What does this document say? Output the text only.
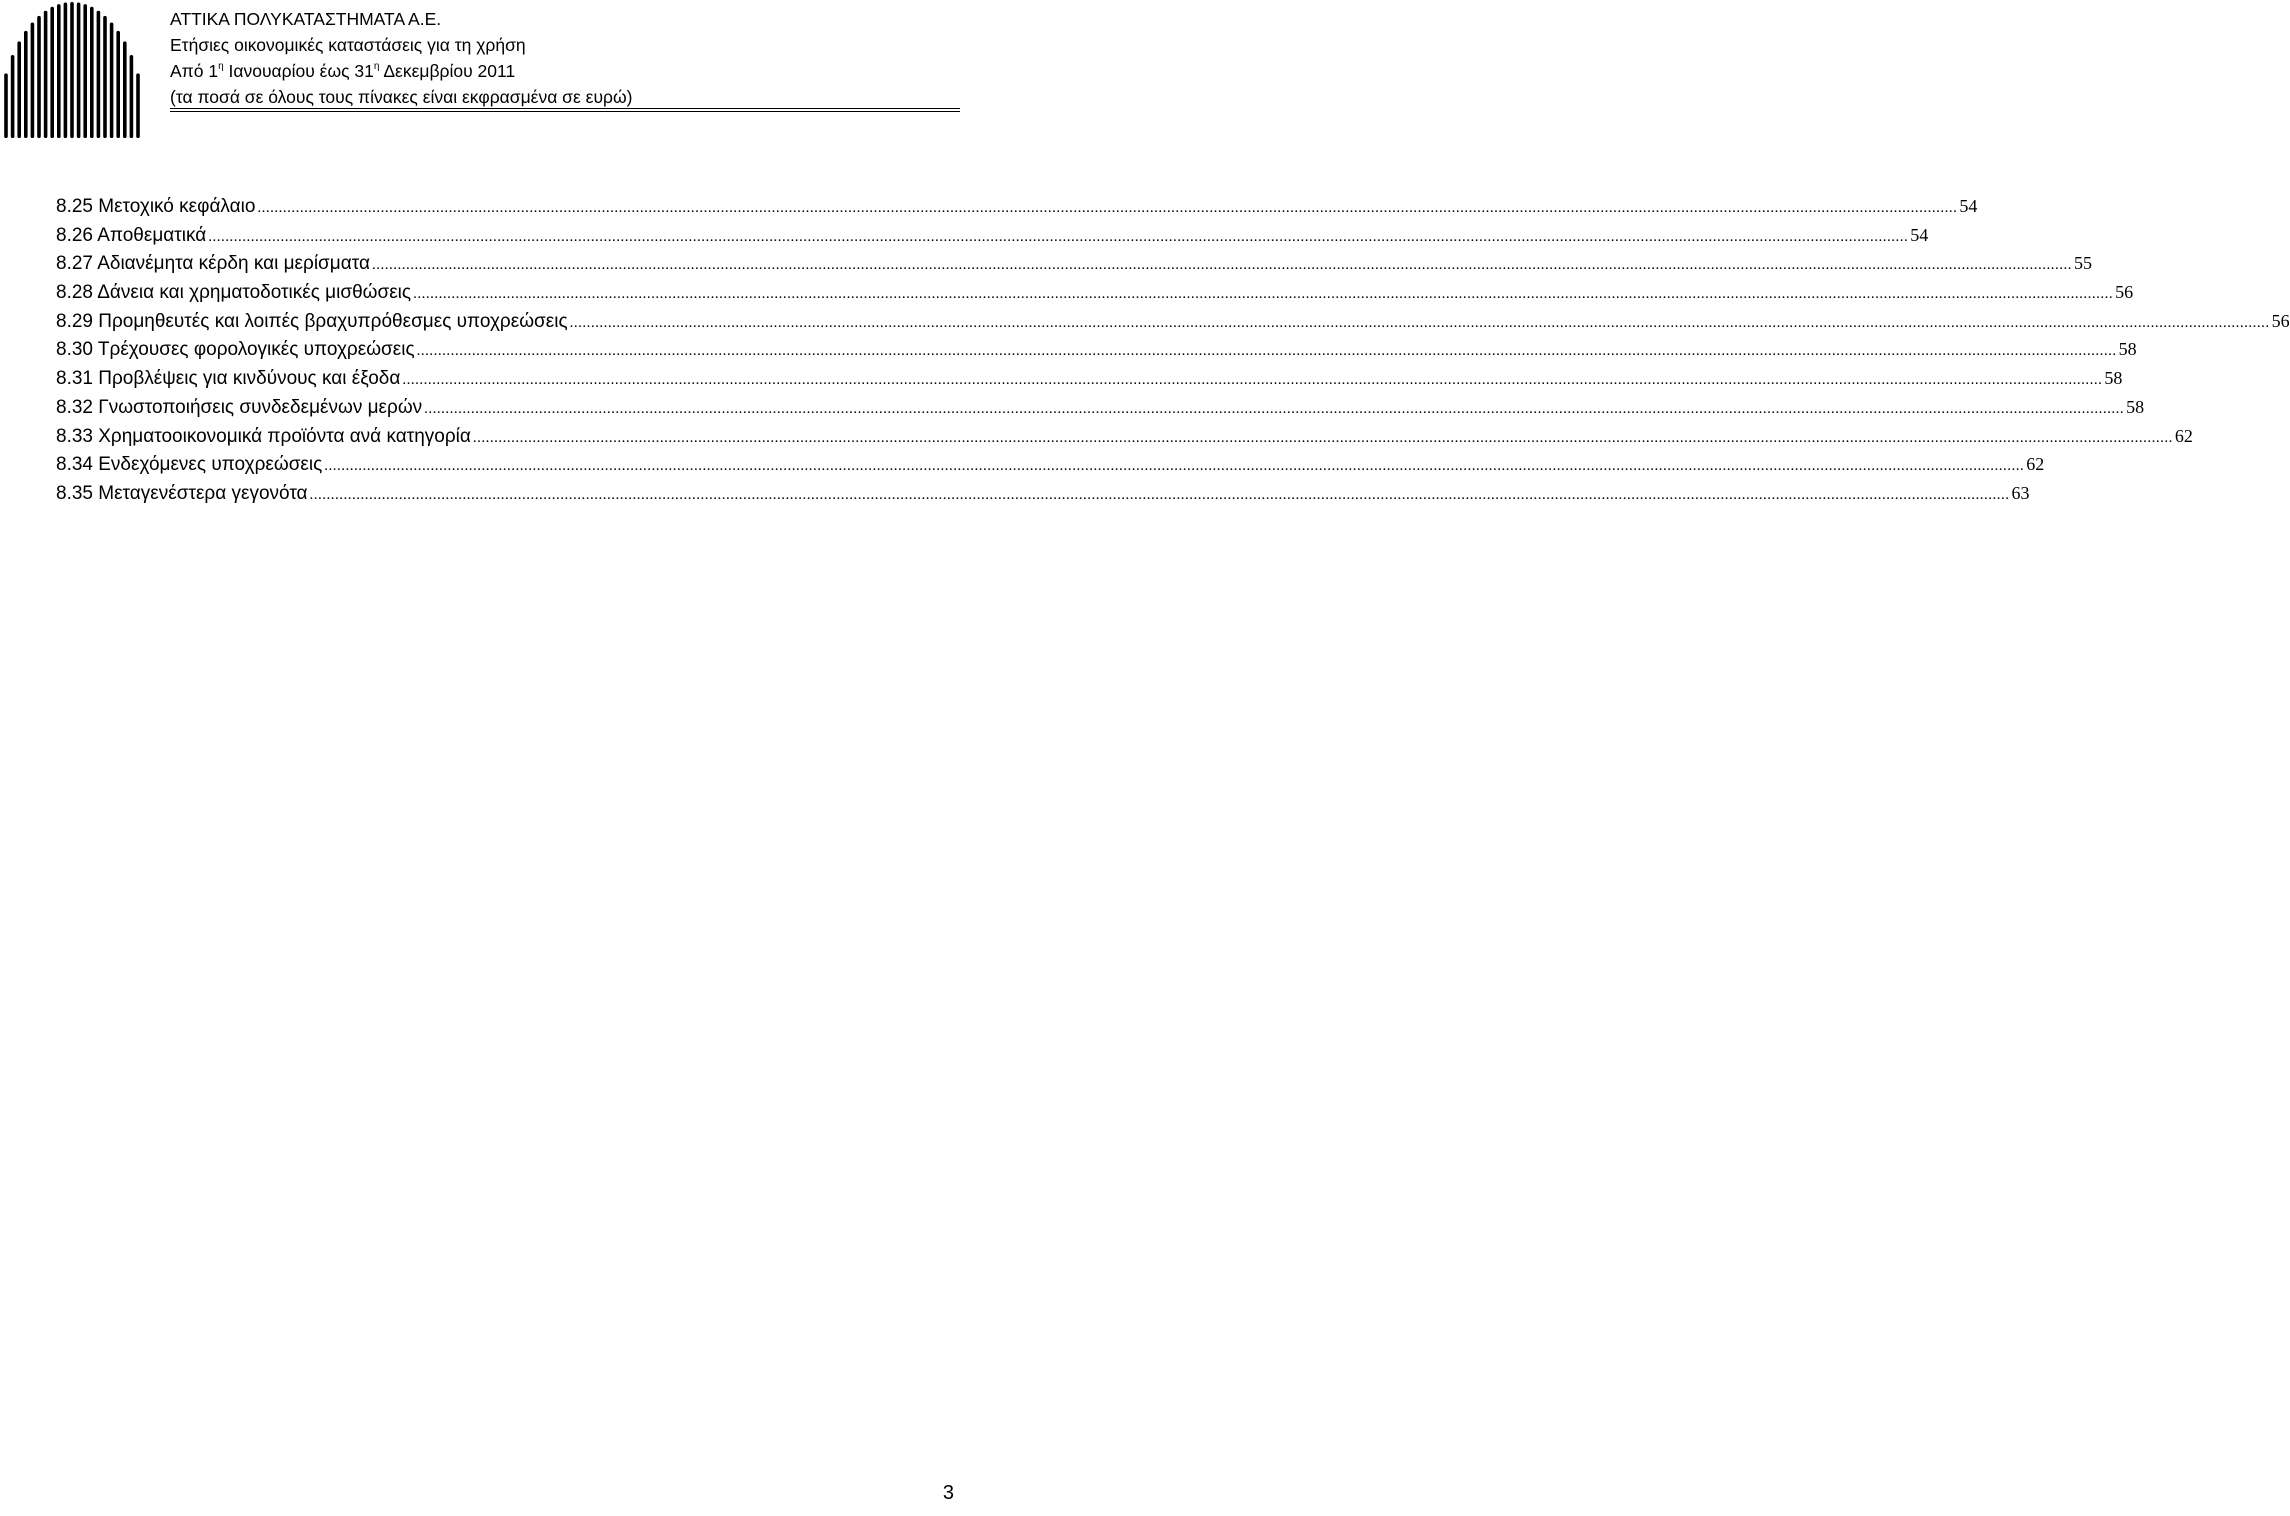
ΑΤΤΙΚΑ ΠΟΛΥΚΑΤΑΣΤΗΜΑΤΑ Α.Ε.
Ετήσιες οικονομικές καταστάσεις για τη χρήση
Από $1^\eta$ Ιανουαρίου έως $31^\eta$ Δεκεμβρίου 2011
(τα ποσά σε όλους τους πίνακες είναι εκφρασμένα σε ευρώ)
8.25 Μετοχικό κεφάλαιο ................................................................................................................................................................................................................................................................................................................................................................................................................ 54
8.26 Αποθεματικά ................................................................................................................................................................................................................................................................................................................................................................................................................ 54
8.27 Αδιανέμητα κέρδη και μερίσματα ................................................................................................................................................................................................................................................................................................................................................................................................................ 55
8.28 Δάνεια και χρηματοδοτικές μισθώσεις ................................................................................................................................................................................................................................................................................................................................................................................................................ 56
8.29 Προμηθευτές και λοιπές βραχυπρόθεσμες υποχρεώσεις ................................................................................................................................................................................................................................................................................................................................................................................................................ 56
8.30 Τρέχουσες φορολογικές υποχρεώσεις ................................................................................................................................................................................................................................................................................................................................................................................................................ 58
8.31 Προβλέψεις για κινδύνους και έξοδα ................................................................................................................................................................................................................................................................................................................................................................................................................ 58
8.32 Γνωστοποιήσεις συνδεδεμένων μερών ................................................................................................................................................................................................................................................................................................................................................................................................................ 58
8.33 Χρηματοοικονομικά προϊόντα ανά κατηγορία ................................................................................................................................................................................................................................................................................................................................................................................................................ 62
8.34 Ενδεχόμενες υποχρεώσεις ................................................................................................................................................................................................................................................................................................................................................................................................................ 62
8.35 Μεταγενέστερα γεγονότα ................................................................................................................................................................................................................................................................................................................................................................................................................ 63
3
